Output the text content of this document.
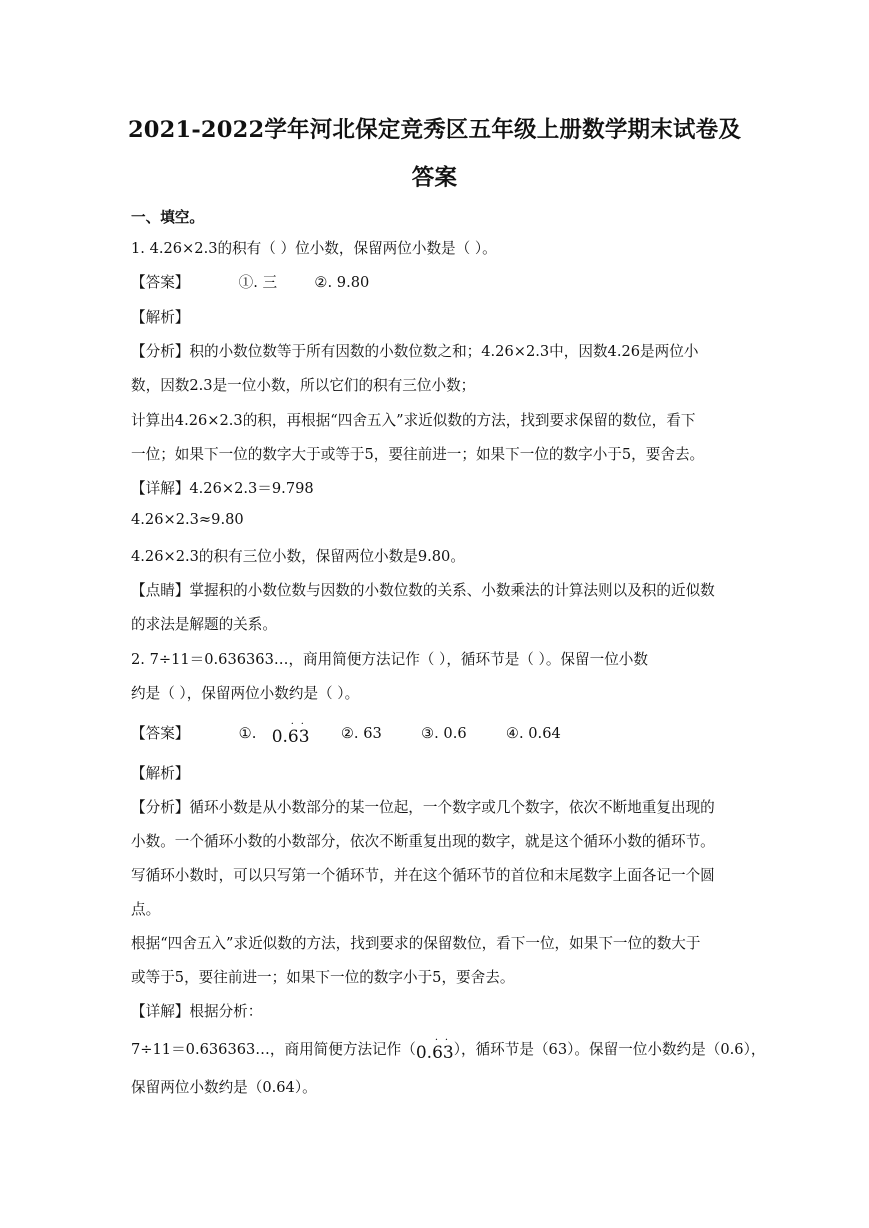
2021-2022学年河北保定竞秀区五年级上册数学期末试卷及
答案
一、填空。
1. 4.26×2.3的积有（ ）位小数，保留两位小数是（ ）。
【答案】	①. 三	②. 9.80
【解析】
【分析】积的小数位数等于所有因数的小数位数之和；4.26×2.3中，因数4.26是两位小
数，因数2.3是一位小数，所以它们的积有三位小数；
计算出4.26×2.3的积，再根据“四舍五入”求近似数的方法，找到要求保留的数位，看下
一位；如果下一位的数字大于或等于5，要往前进一；如果下一位的数字小于5，要舍去。
【详解】4.26×2.3＝9.798
4.26×2.3≈9.80
4.26×2.3的积有三位小数，保留两位小数是9.80。
【点睛】掌握积的小数位数与因数的小数位数的关系、小数乘法的计算法则以及积的近似数
的求法是解题的关系。
2. 7÷11＝0.636363…，商用简便方法记作（ ），循环节是（ ）。保留一位小数
约是（ ），保留两位小数约是（ ）。
【答案】	①.
· ·
0.63 ②. 63	③. 0.6	④. 0.64
【解析】
【分析】循环小数是从小数部分的某一位起，一个数字或几个数字，依次不断地重复出现的
小数。一个循环小数的小数部分，依次不断重复出现的数字，就是这个循环小数的循环节。
写循环小数时，可以只写第一个循环节，并在这个循环节的首位和末尾数字上面各记一个圆
点。
根据“四舍五入”求近似数的方法，找到要求的保留数位，看下一位，如果下一位的数大于
或等于5，要往前进一；如果下一位的数字小于5，要舍去。
【详解】根据分析：
7÷11＝0.636363…，商用简便方法记作（
· ·
0.63），循环节是（63）。保留一位小数约是（0.6），
保留两位小数约是（0.64）。
